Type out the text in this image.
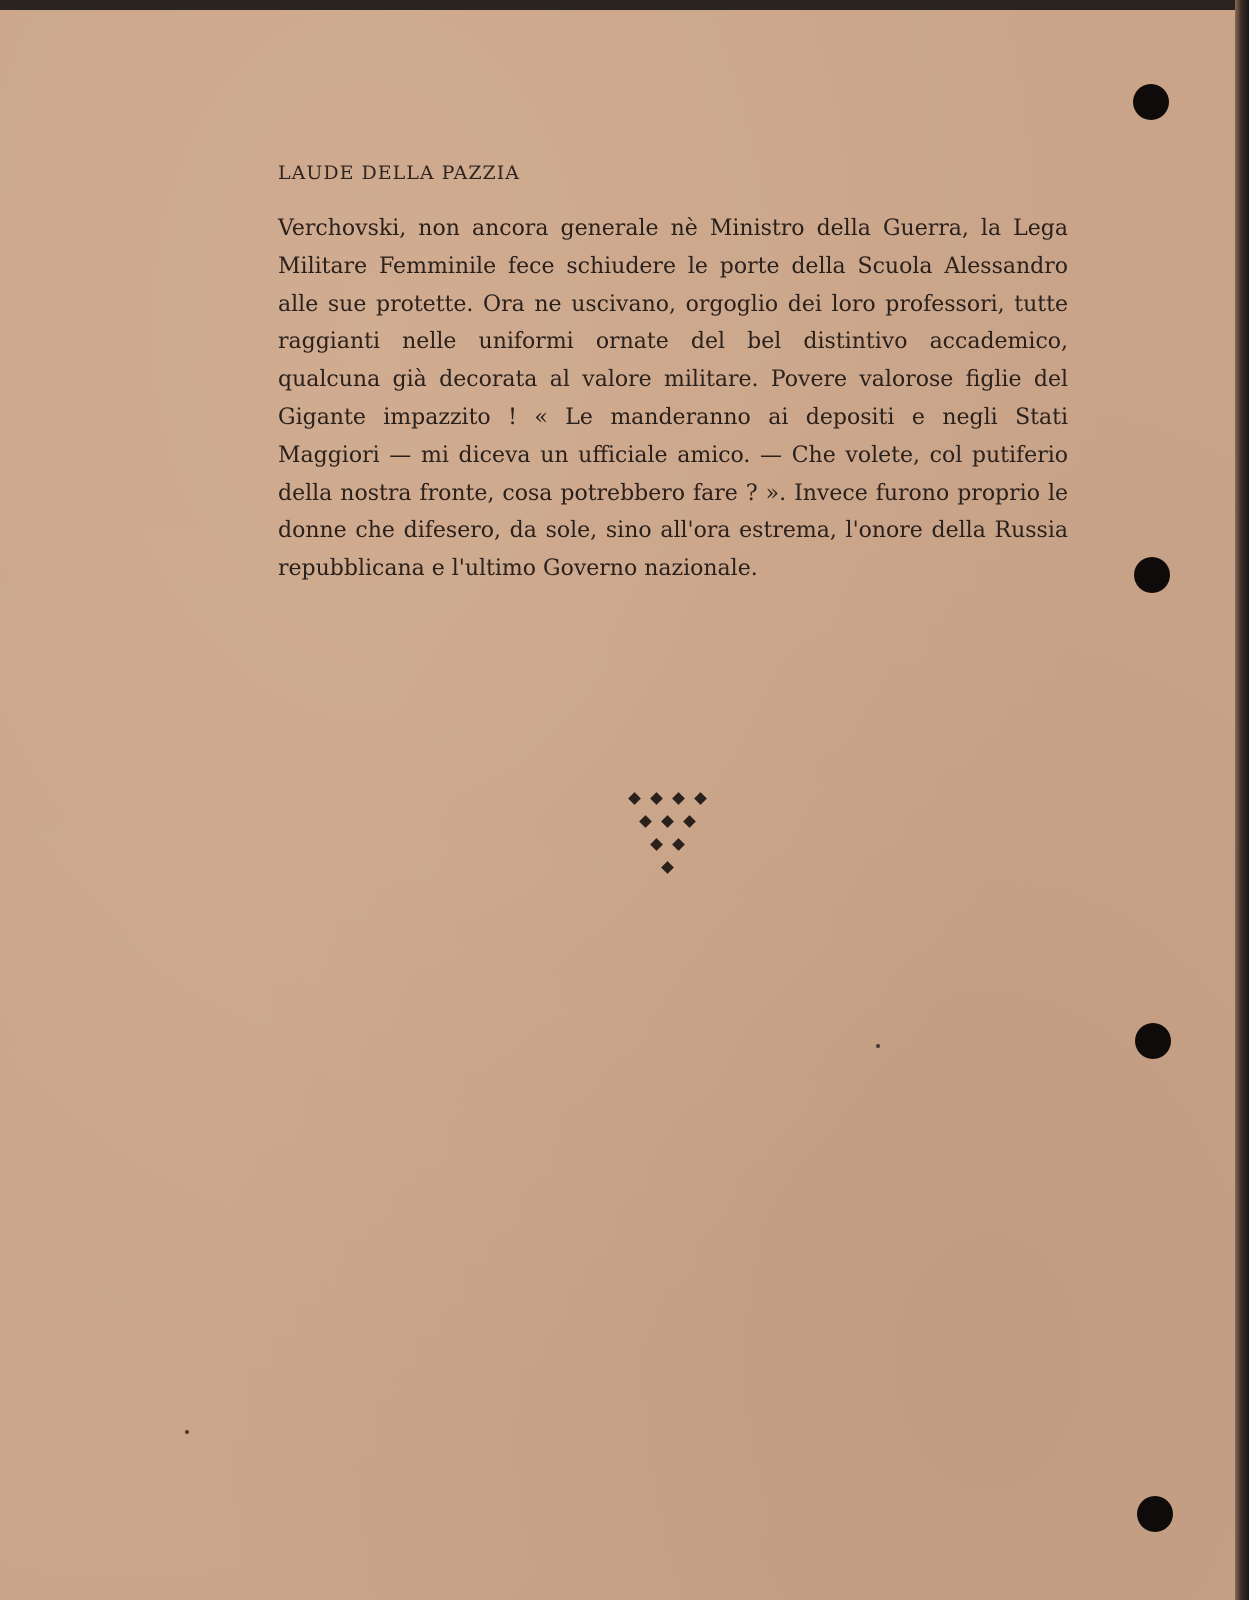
LAUDE DELLA PAZZIA
Verchovski, non ancora generale nè Ministro della Guerra, la Lega Militare Femminile fece schiudere le porte della Scuola Alessandro alle sue protette. Ora ne uscivano, orgoglio dei loro professori, tutte raggianti nelle uniformi ornate del bel distintivo accademico, qualcuna già decorata al valore militare. Povere valorose figlie del Gigante impazzito ! « Le manderanno ai depositi e negli Stati Maggiori — mi diceva un ufficiale amico. — Che volete, col putiferio della nostra fronte, cosa potrebbero fare ? ». Invece furono proprio le donne che difesero, da sole, sino all'ora estrema, l'onore della Russia repubblicana e l'ultimo Governo nazionale.
